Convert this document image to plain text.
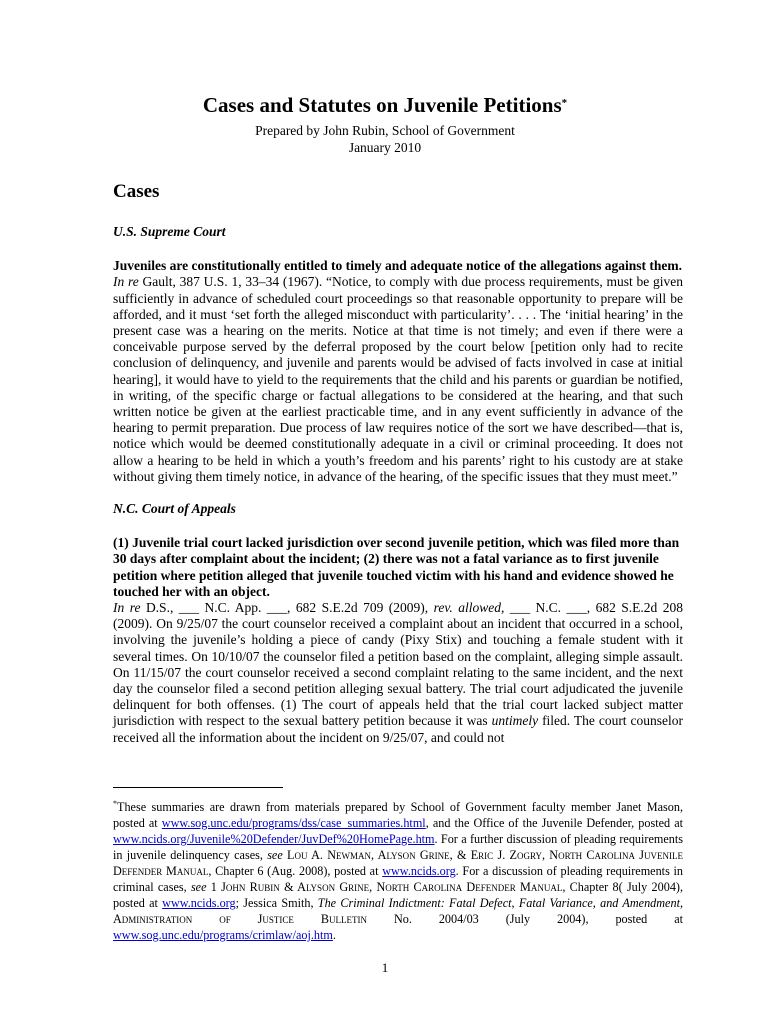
Cases and Statutes on Juvenile Petitions*
Prepared by John Rubin, School of Government
January 2010
Cases
U.S. Supreme Court

Juveniles are constitutionally entitled to timely and adequate notice of the allegations against them.

In re Gault, 387 U.S. 1, 33–34 (1967). “Notice, to comply with due process requirements, must be given sufficiently in advance of scheduled court proceedings so that reasonable opportunity to prepare will be afforded, and it must ‘set forth the alleged misconduct with particularity’. . . . The ‘initial hearing’ in the present case was a hearing on the merits. Notice at that time is not timely; and even if there were a conceivable purpose served by the deferral proposed by the court below [petition only had to recite conclusion of delinquency, and juvenile and parents would be advised of facts involved in case at initial hearing], it would have to yield to the requirements that the child and his parents or guardian be notified, in writing, of the specific charge or factual allegations to be considered at the hearing, and that such written notice be given at the earliest practicable time, and in any event sufficiently in advance of the hearing to permit preparation. Due process of law requires notice of the sort we have described—that is, notice which would be deemed constitutionally adequate in a civil or criminal proceeding. It does not allow a hearing to be held in which a youth’s freedom and his parents’ right to his custody are at stake without giving them timely notice, in advance of the hearing, of the specific issues that they must meet.”

N.C. Court of Appeals

(1) Juvenile trial court lacked jurisdiction over second juvenile petition, which was filed more than 30 days after complaint about the incident; (2) there was not a fatal variance as to first juvenile petition where petition alleged that juvenile touched victim with his hand and evidence showed he touched her with an object.

In re D.S., ___ N.C. App. ___, 682 S.E.2d 709 (2009), rev. allowed, ___ N.C. ___, 682 S.E.2d 208 (2009). On 9/25/07 the court counselor received a complaint about an incident that occurred in a school, involving the juvenile’s holding a piece of candy (Pixy Stix) and touching a female student with it several times. On 10/10/07 the counselor filed a petition based on the complaint, alleging simple assault. On 11/15/07 the court counselor received a second complaint relating to the same incident, and the next day the counselor filed a second petition alleging sexual battery. The trial court adjudicated the juvenile delinquent for both offenses. (1) The court of appeals held that the trial court lacked subject matter jurisdiction with respect to the sexual battery petition because it was untimely filed. The court counselor received all the information about the incident on 9/25/07, and could not

*These summaries are drawn from materials prepared by School of Government faculty member Janet Mason, posted at www.sog.unc.edu/programs/dss/case_summaries.html, and the Office of the Juvenile Defender, posted at www.ncids.org/Juvenile%20Defender/JuvDef%20HomePage.htm. For a further discussion of pleading requirements in juvenile delinquency cases, see Lou A. Newman, Alyson Grine, & Eric J. Zogry, North Carolina Juvenile Defender Manual, Chapter 6 (Aug. 2008), posted at www.ncids.org. For a discussion of pleading requirements in criminal cases, see 1 John Rubin & Alyson Grine, North Carolina Defender Manual, Chapter 8( July 2004), posted at www.ncids.org; Jessica Smith, The Criminal Indictment: Fatal Defect, Fatal Variance, and Amendment, Administration of Justice Bulletin No. 2004/03 (July 2004), posted at www.sog.unc.edu/programs/crimlaw/aoj.htm.
1
